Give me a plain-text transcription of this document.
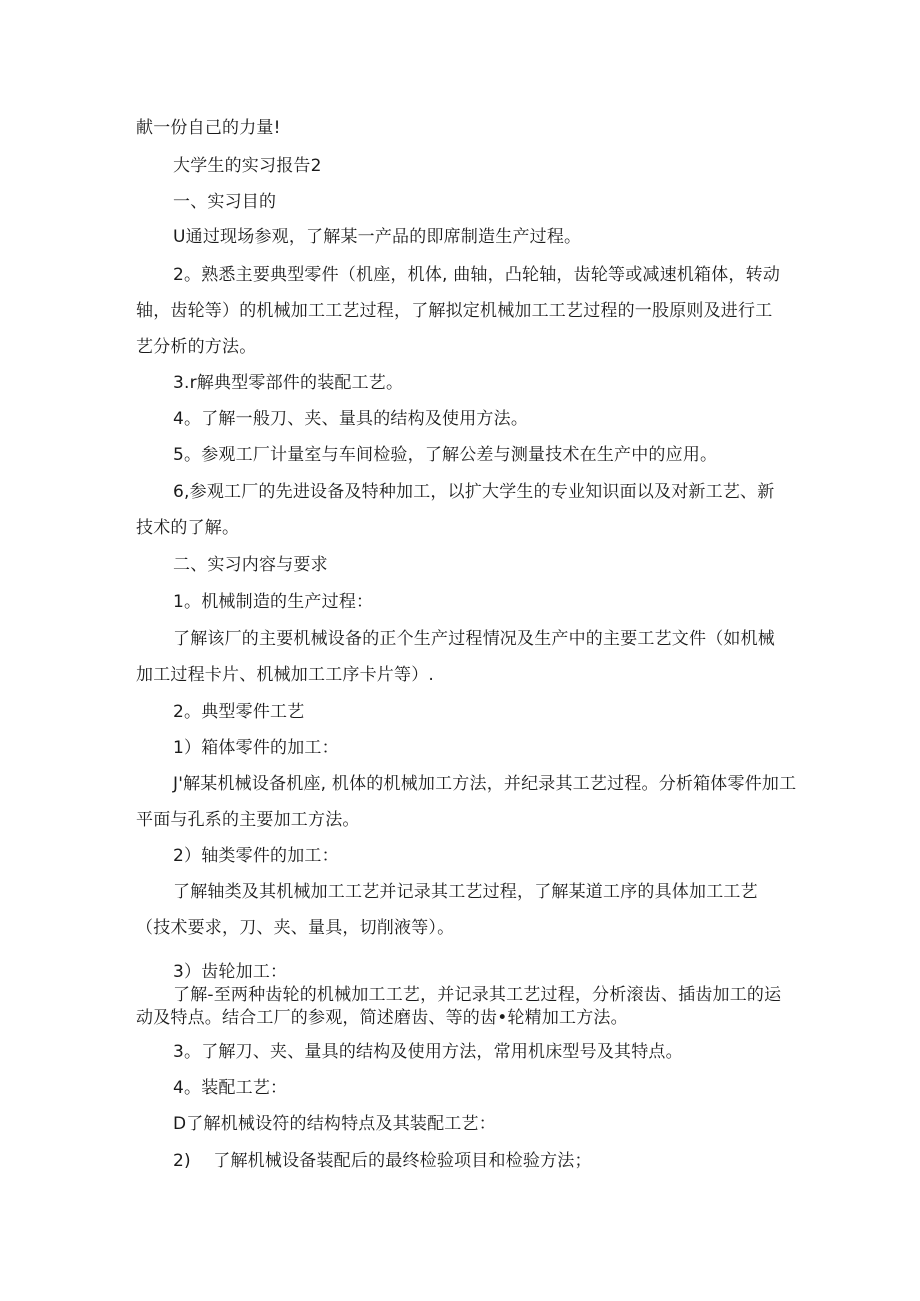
献一份自己的力量!
大学生的实习报告2
一、实习目的
U通过现场参观，了解某一产品的即席制造生产过程。
2。熟悉主要典型零件（机座，机体, 曲轴，凸轮轴，齿轮等或减速机箱体，转动
轴，齿轮等）的机械加工工艺过程，了解拟定机械加工工艺过程的一股原则及进行工
艺分析的方法。
3.r解典型零部件的装配工艺。
4。了解一般刀、夹、量具的结构及使用方法。
5。参观工厂计量室与车间检验，了解公差与测量技术在生产中的应用。
6,参观工厂的先进设备及特种加工，以扩大学生的专业知识面以及对新工艺、新
技术的了解。
二、实习内容与要求
1。机械制造的生产过程：
了解该厂的主要机械设备的正个生产过程情况及生产中的主要工艺文件（如机械
加工过程卡片、机械加工工序卡片等）.
2。典型零件工艺
1）箱体零件的加工：
J'解某机械设备机座, 机体的机械加工方法，并纪录其工艺过程。分析箱体零件加工
平面与孔系的主要加工方法。
2）轴类零件的加工：
了解轴类及其机械加工工艺并记录其工艺过程，了解某道工序的具体加工工艺
（技术要求，刀、夹、量具，切削液等）。
3）齿轮加工：
了解-至两种齿轮的机械加工工艺，并记录其工艺过程，分析滚齿、插齿加工的运
动及特点。结合工厂的参观，简述磨齿、等的齿•轮精加工方法。
3。了解刀、夹、量具的结构及使用方法，常用机床型号及其特点。
4。装配工艺：
D了解机械设符的结构特点及其装配工艺：
2)    了解机械设备装配后的最终检验项目和检验方法；
